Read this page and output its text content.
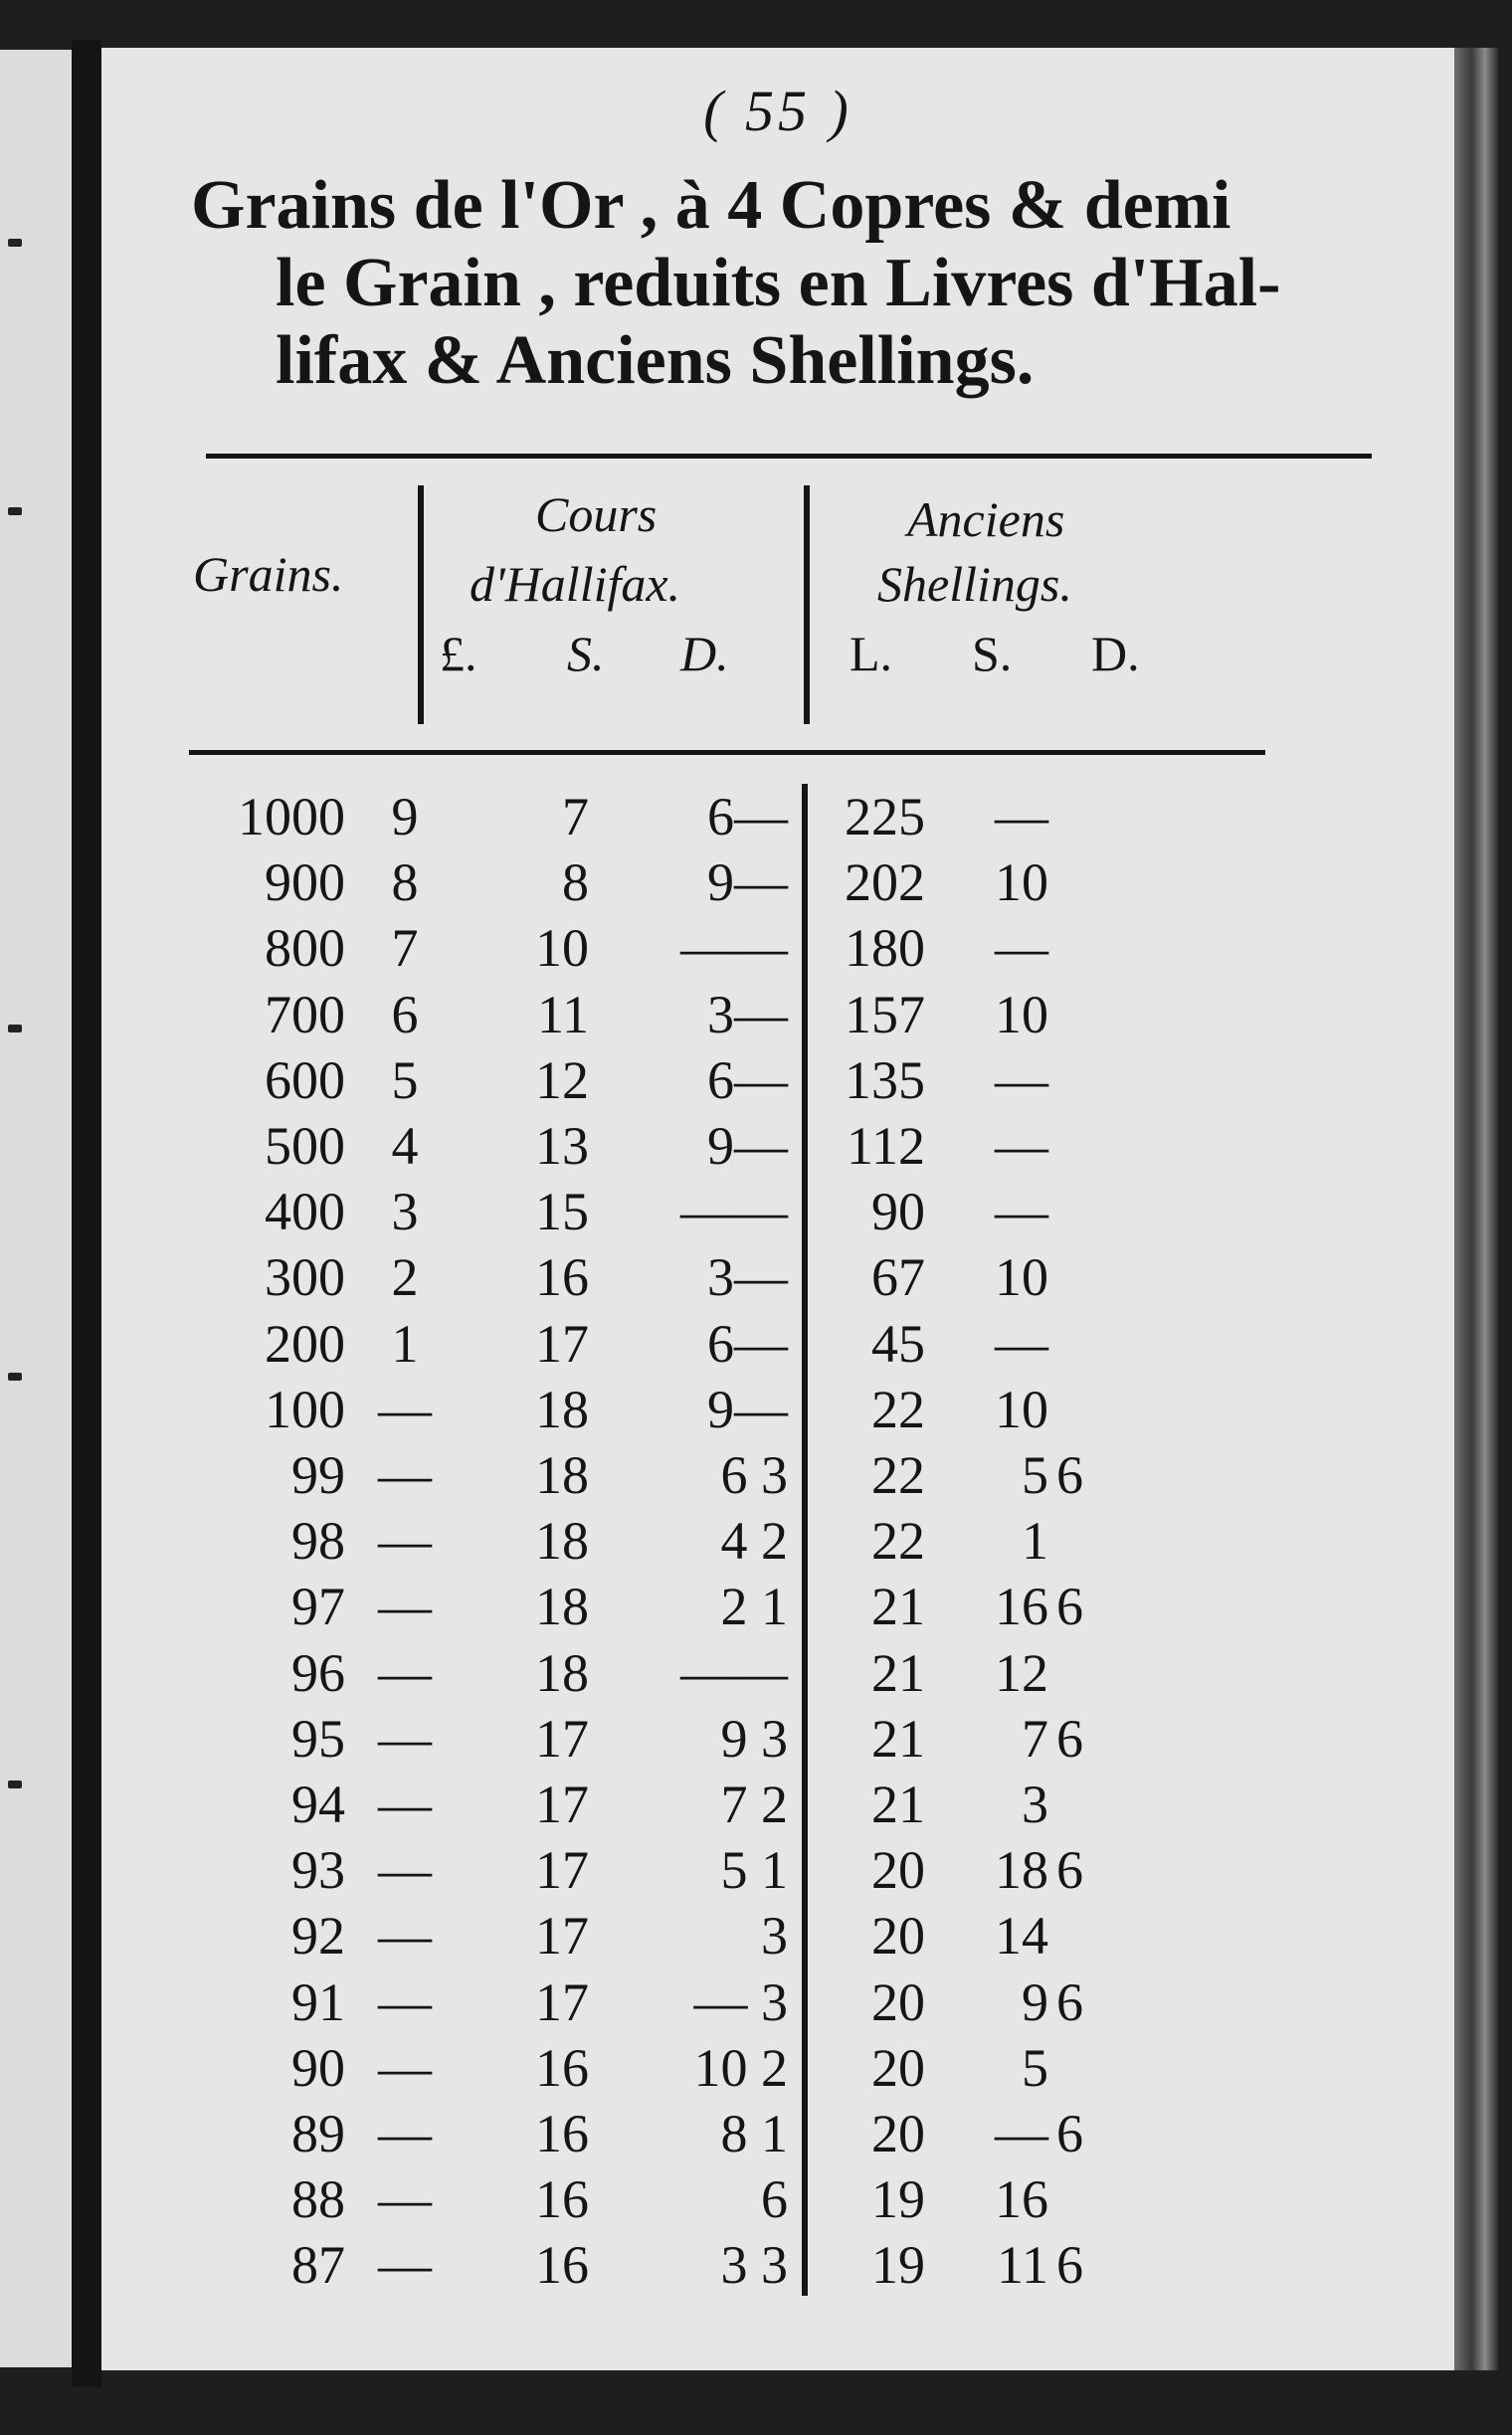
( 55 )
Grains de l'Or , à 4 Copres & demi
le Grain , reduits en Livres d'Hal-
lifax & Anciens Shellings.
Grains.
Cours
d'Hallifax.
Anciens
Shellings.
£. S. D. L. S. D.
1000 9	7	6—	225	—
900 8	8	9—	202	10
800 7	10	——	180	—
700 6	11	3—	157	10
600 5	12	6—	135	—
500 4	13	9—	112	—
400 3	15	——	90	—
300 2	16	3—	67	10
200 1	17	6—	45	—
100 —	18	9—	22	10
99 —	18	6 3	22	5 6
98 —	18	4 2	22	1
97 —	18	2 1	21	16 6
96 —	18	——	21	12
95 —	17	9 3	21	7 6
94 —	17	7 2	21	3
93 —	17	5 1	20	18 6
92 —	17	3	20	14
91 —	17	— 3	20	9 6
90 —	16	10 2	20	5
89 —	16	8 1	20	— 6
88 —	16	6	19	16
87 —	16	3 3	19	11 6
